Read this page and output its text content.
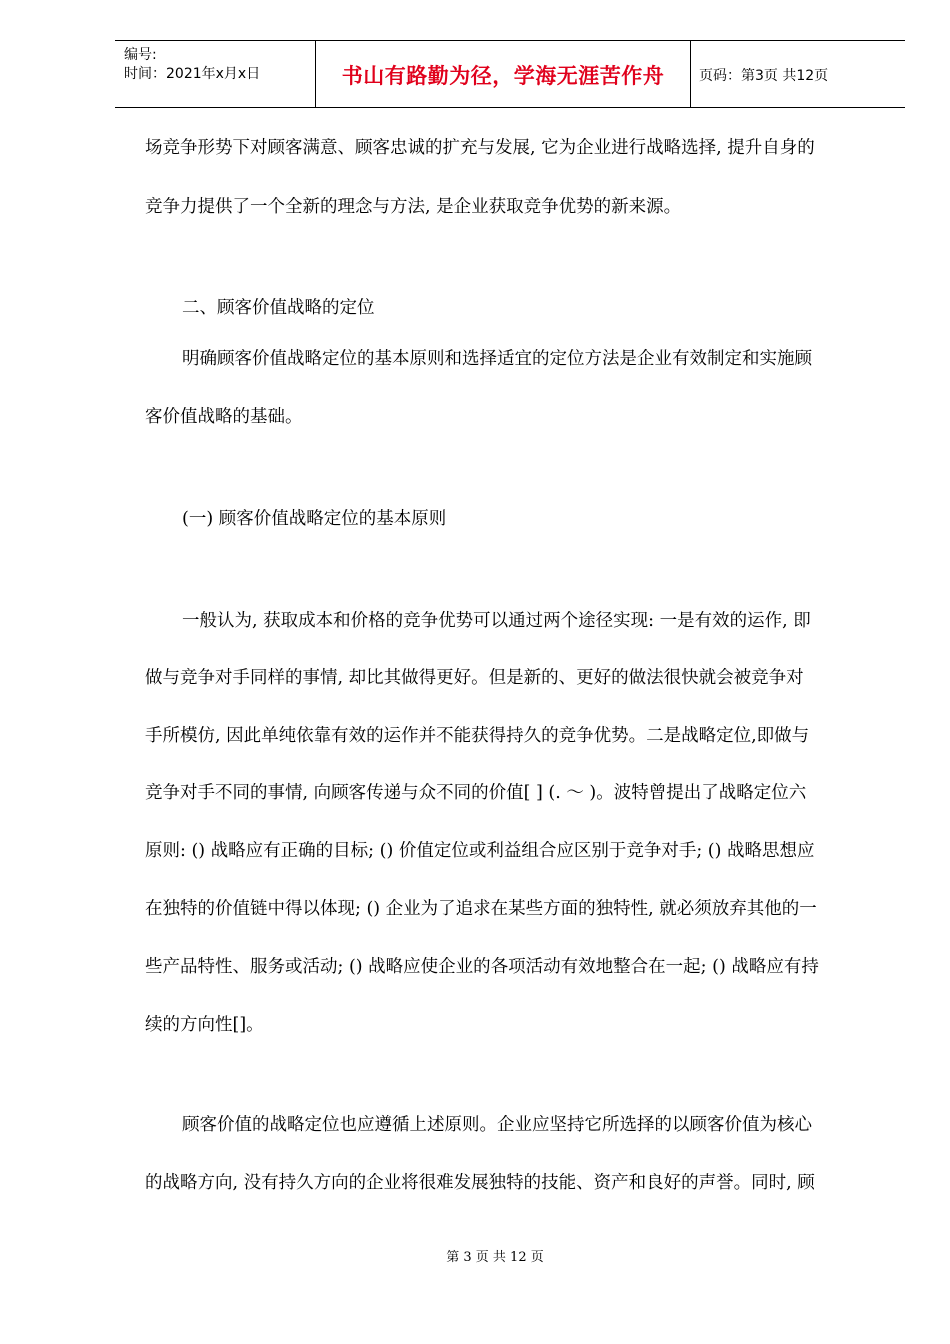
编号:
时间：2021年x月x日	书山有路勤为径，学海无涯苦作舟 页码：第3页 共12页
场竞争形势下对顾客满意、顾客忠诚的扩充与发展, 它为企业进行战略选择, 提升自身的
竞争力提供了一个全新的理念与方法, 是企业获取竞争优势的新来源。
二、顾客价值战略的定位
明确顾客价值战略定位的基本原则和选择适宜的定位方法是企业有效制定和实施顾
客价值战略的基础。
(一) 顾客价值战略定位的基本原则
一般认为, 获取成本和价格的竞争优势可以通过两个途径实现: 一是有效的运作, 即
做与竞争对手同样的事情, 却比其做得更好。但是新的、更好的做法很快就会被竞争对
手所模仿, 因此单纯依靠有效的运作并不能获得持久的竞争优势。二是战略定位,即做与
竞争对手不同的事情, 向顾客传递与众不同的价值[ ] (. ～ )。波特曾提出了战略定位六
原则: () 战略应有正确的目标; () 价值定位或利益组合应区别于竞争对手; () 战略思想应
在独特的价值链中得以体现; () 企业为了追求在某些方面的独特性, 就必须放弃其他的一
些产品特性、服务或活动; () 战略应使企业的各项活动有效地整合在一起; () 战略应有持
续的方向性[]。
顾客价值的战略定位也应遵循上述原则。企业应坚持它所选择的以顾客价值为核心
的战略方向, 没有持久方向的企业将很难发展独特的技能、资产和良好的声誉。同时, 顾
第 3 页 共 12 页
